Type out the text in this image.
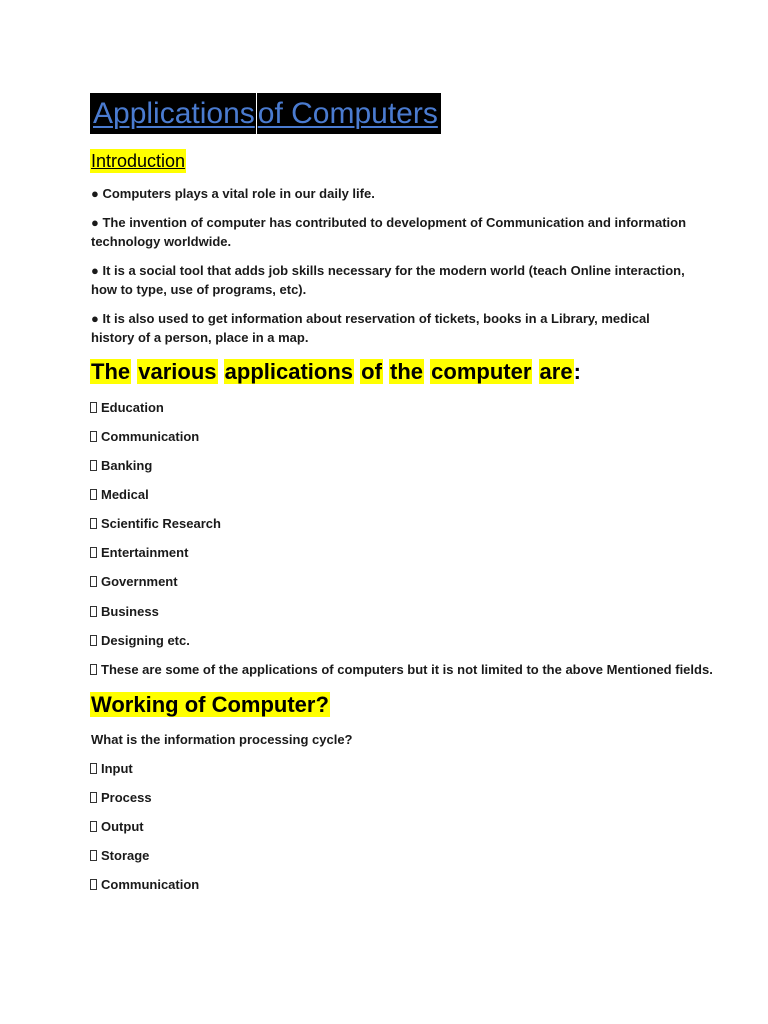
Applications of Computers
Introduction
● Computers plays a vital role in our daily life.
● The invention of computer has contributed to development of Communication and information technology worldwide.
● It is a social tool that adds job skills necessary for the modern world (teach Online interaction, how to type, use of programs, etc).
● It is also used to get information about reservation of tickets, books in a Library, medical history of a person, place in a map.
The various applications of the computer are:
Education
Communication
Banking
Medical
Scientific Research
Entertainment
Government
Business
Designing etc.
These are some of the applications of computers but it is not limited to the above Mentioned fields.
Working of Computer?
What is the information processing cycle?
Input
Process
Output
Storage
Communication
